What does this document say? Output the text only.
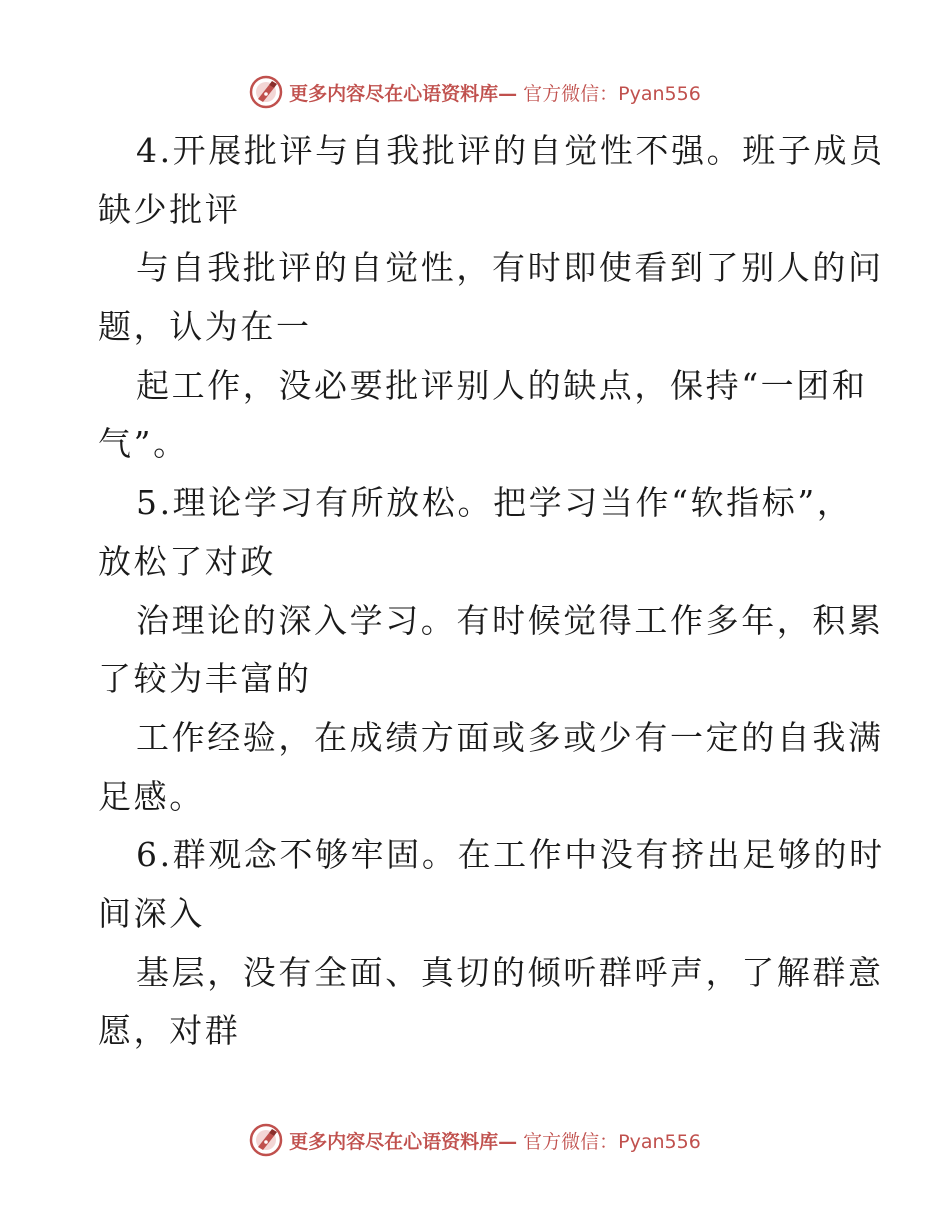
更多内容尽在心语资料库— 官方微信：Pyan556
4.开展批评与自我批评的自觉性不强。班子成员
缺少批评
与自我批评的自觉性，有时即使看到了别人的问
题，认为在一
起工作，没必要批评别人的缺点，保持“一团和
气”。
5.理论学习有所放松。把学习当作“软指标”，
放松了对政
治理论的深入学习。有时候觉得工作多年，积累
了较为丰富的
工作经验，在成绩方面或多或少有一定的自我满
足感。
6.群观念不够牢固。在工作中没有挤出足够的时
间深入
基层，没有全面、真切的倾听群呼声，了解群意
愿，对群
更多内容尽在心语资料库— 官方微信：Pyan556
